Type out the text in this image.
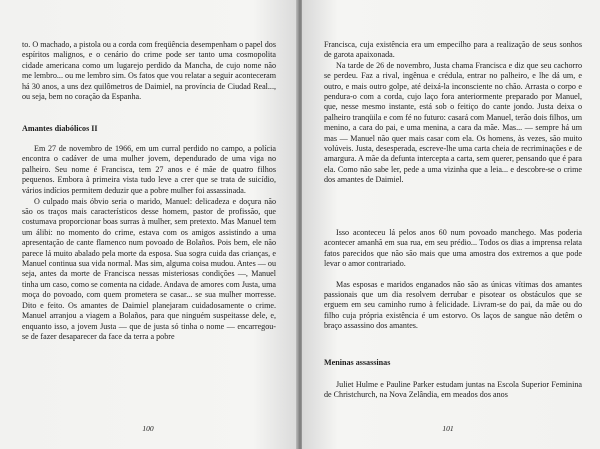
to. O machado, a pistola ou a corda com freqüência desempenham o papel dos espíritos malignos, e o cenário do crime pode ser tanto uma cosmopolita cidade americana como um lugarejo perdido da Mancha, de cujo nome não me lembro... ou me lembro sim. Os fatos que vou relatar a seguir aconteceram há 30 anos, a uns dez quilômetros de Daimiel, na província de Ciudad Real..., ou seja, bem no coração da Espanha.

Amantes diabólicos II

Em 27 de novembro de 1966, em um curral perdido no campo, a polícia encontra o cadáver de uma mulher jovem, dependurado de uma viga no palheiro. Seu nome é Francisca, tem 27 anos e é mãe de quatro filhos pequenos. Embora à primeira vista tudo leve a crer que se trata de suicídio, vários indícios permitem deduzir que a pobre mulher foi assassinada.

O culpado mais óbvio seria o marido, Manuel: delicadeza e doçura não são os traços mais característicos desse homem, pastor de profissão, que costumava proporcionar boas surras à mulher, sem pretexto. Mas Manuel tem um álibi: no momento do crime, estava com os amigos assistindo a uma apresentação de cante flamenco num povoado de Bolaños. Pois bem, ele não parece lá muito abalado pela morte da esposa. Sua sogra cuida das crianças, e Manuel continua sua vida normal. Mas sim, alguma coisa mudou. Antes — ou seja, antes da morte de Francisca nessas misteriosas condições —, Manuel tinha um caso, como se comenta na cidade. Andava de amores com Justa, uma moça do povoado, com quem prometera se casar... se sua mulher morresse. Dito e feito. Os amantes de Daimiel planejaram cuidadosamente o crime. Manuel arranjou a viagem a Bolaños, para que ninguém suspeitasse dele, e, enquanto isso, a jovem Justa — que de justa só tinha o nome — encarregou-se de fazer desaparecer da face da terra a pobre

100

Francisca, cuja existência era um empecilho para a realização de seus sonhos de garota apaixonada.

Na tarde de 26 de novembro, Justa chama Francisca e diz que seu cachorro se perdeu. Faz a rival, ingênua e crédula, entrar no palheiro, e lhe dá um, e outro, e mais outro golpe, até deixá-la inconsciente no chão. Arrasta o corpo e pendura-o com a corda, cujo laço fora anteriormente preparado por Manuel, que, nesse mesmo instante, está sob o feitiço do cante jondo. Justa deixa o palheiro tranqüila e com fé no futuro: casará com Manuel, terão dois filhos, um menino, a cara do pai, e uma menina, a cara da mãe. Mas... — sempre há um mas — Manuel não quer mais casar com ela. Os homens, às vezes, são muito volúveis. Justa, desesperada, escreve-lhe uma carta cheia de recriminações e de amargura. A mãe da defunta intercepta a carta, sem querer, pensando que é para ela. Como não sabe ler, pede a uma vizinha que a leia... e descobre-se o crime dos amantes de Daimiel.

Isso aconteceu lá pelos anos 60 num povoado manchego. Mas poderia acontecer amanhã em sua rua, em seu prédio... Todos os dias a imprensa relata fatos parecidos que não são mais que uma amostra dos extremos a que pode levar o amor contrariado.

Mas esposas e maridos enganados não são as únicas vítimas dos amantes passionais que um dia resolvem derrubar e pisotear os obstáculos que se erguem em seu caminho rumo à felicidade. Livram-se do pai, da mãe ou do filho cuja própria existência é um estorvo. Os laços de sangue não detêm o braço assassino dos amantes.

Meninas assassinas

Juliet Hulme e Pauline Parker estudam juntas na Escola Superior Feminina de Christchurch, na Nova Zelândia, em meados dos anos

101
